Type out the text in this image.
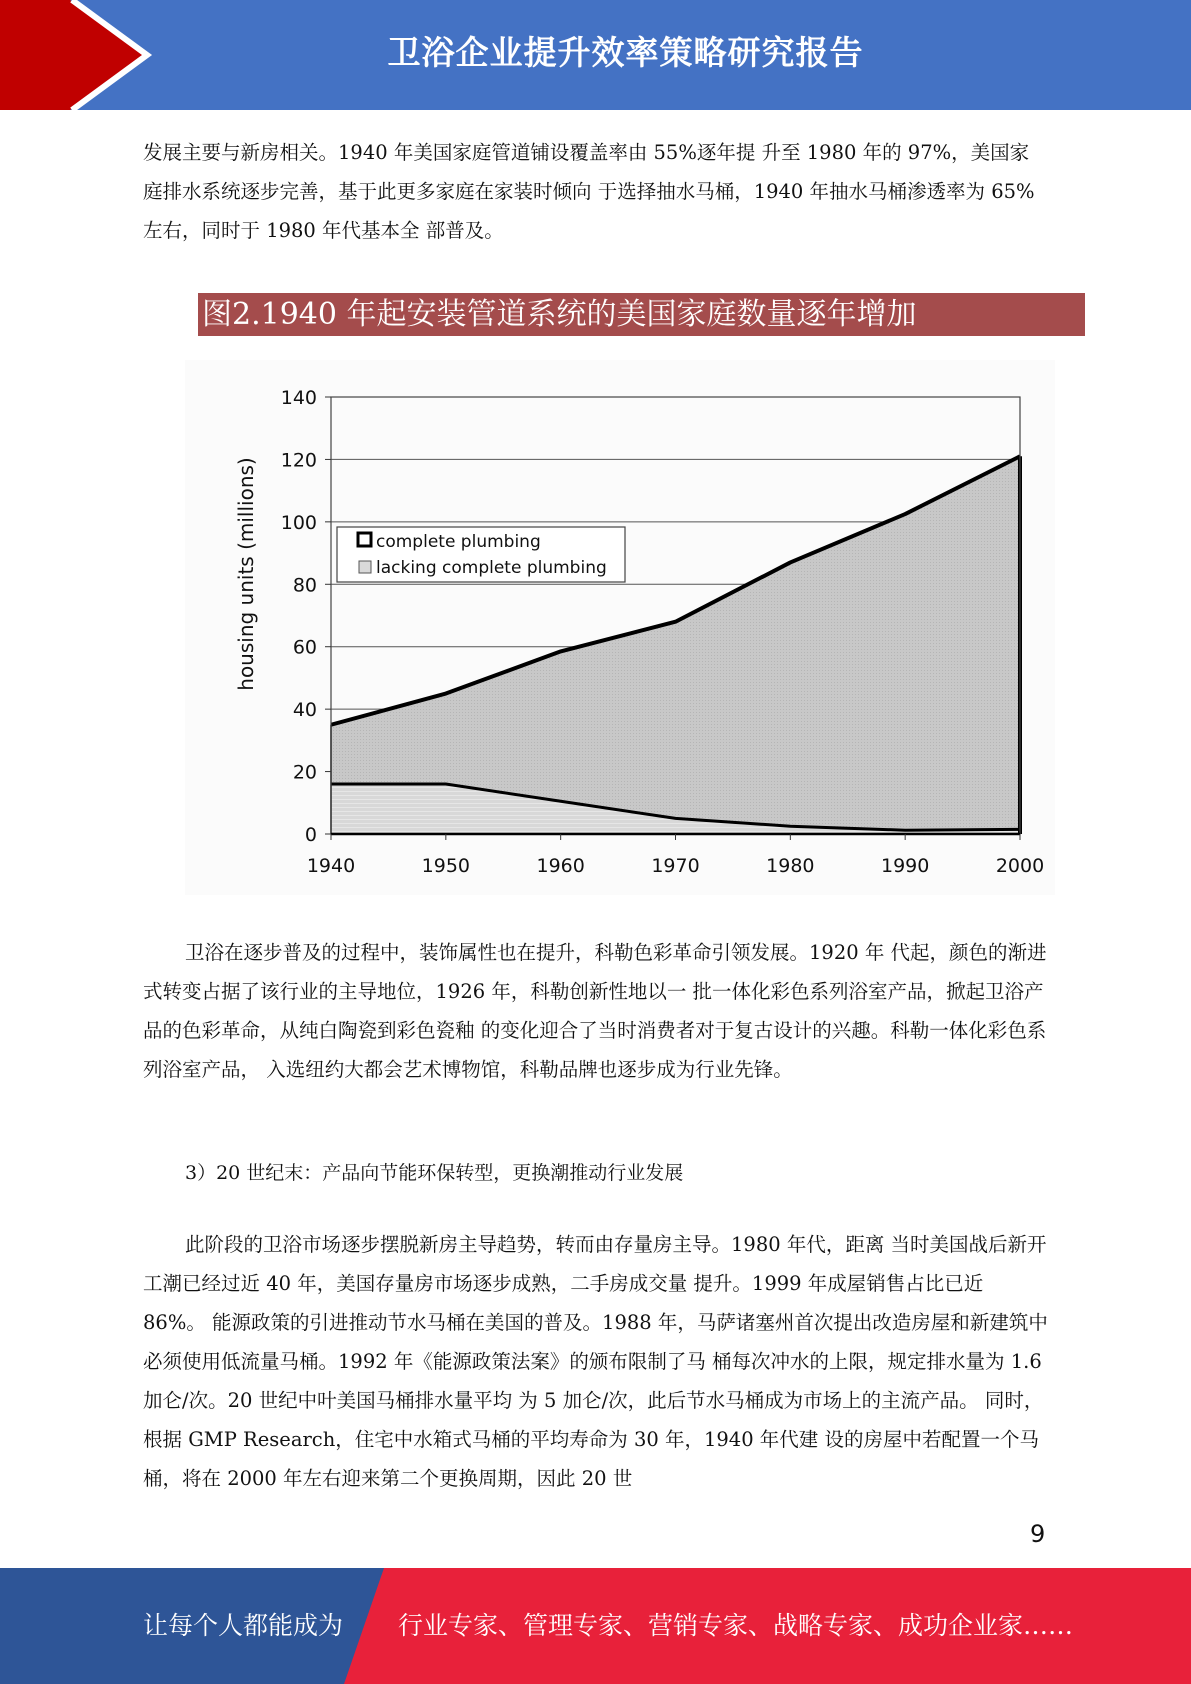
卫浴企业提升效率策略研究报告

发展主要与新房相关。1940 年美国家庭管道铺设覆盖率由 55%逐年提 升至 1980 年的 97%，美国家庭排水系统逐步完善，基于此更多家庭在家装时倾向 于选择抽水马桶，1940 年抽水马桶渗透率为 65%左右，同时于 1980 年代基本全 部普及。

图2.1940 年起安装管道系统的美国家庭数量逐年增加
0
20
40
60
80
100
120
140
1940	1950	1960	1970	1980	1990	2000
complete plumbing
lacking complete plumbing
housing units (millions)

卫浴在逐步普及的过程中，装饰属性也在提升，科勒色彩革命引领发展。1920 年 代起，颜色的渐进式转变占据了该行业的主导地位，1926 年，科勒创新性地以一 批一体化彩色系列浴室产品，掀起卫浴产品的色彩革命，从纯白陶瓷到彩色瓷釉 的变化迎合了当时消费者对于复古设计的兴趣。科勒一体化彩色系列浴室产品， 入选纽约大都会艺术博物馆，科勒品牌也逐步成为行业先锋。

3）20 世纪末：产品向节能环保转型，更换潮推动行业发展

此阶段的卫浴市场逐步摆脱新房主导趋势，转而由存量房主导。1980 年代，距离 当时美国战后新开工潮已经过近 40 年，美国存量房市场逐步成熟，二手房成交量 提升。1999 年成屋销售占比已近 86%。 能源政策的引进推动节水马桶在美国的普及。1988 年，马萨诸塞州首次提出改造房屋和新建筑中必须使用低流量马桶。1992 年《能源政策法案》的颁布限制了马 桶每次冲水的上限，规定排水量为 1.6 加仑/次。20 世纪中叶美国马桶排水量平均 为 5 加仑/次，此后节水马桶成为市场上的主流产品。 同时，根据 GMP Research，住宅中水箱式马桶的平均寿命为 30 年，1940 年代建 设的房屋中若配置一个马桶，将在 2000 年左右迎来第二个更换周期，因此 20 世

9
让每个人都能成为 行业专家、管理专家、营销专家、战略专家、成功企业家……
